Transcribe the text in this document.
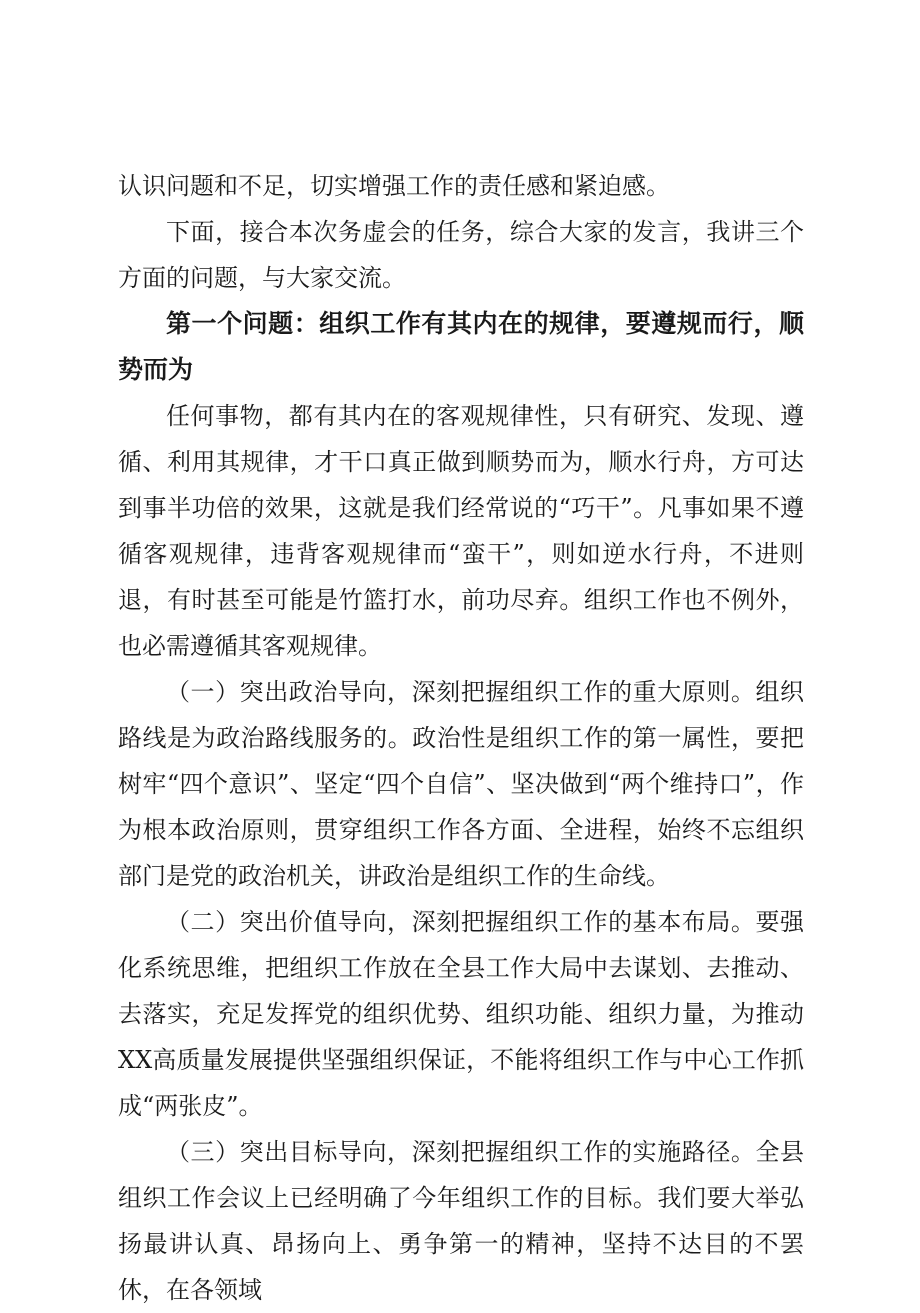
认识问题和不足，切实增强工作的责任感和紧迫感。

下面，接合本次务虚会的任务，综合大家的发言，我讲三个方面的问题，与大家交流。

第一个问题：组织工作有其内在的规律，要遵规而行，顺势而为

任何事物，都有其内在的客观规律性，只有研究、发现、遵循、利用其规律，才干口真正做到顺势而为，顺水行舟，方可达到事半功倍的效果，这就是我们经常说的“巧干”。凡事如果不遵循客观规律，违背客观规律而“蛮干”，则如逆水行舟，不进则退，有时甚至可能是竹篮打水，前功尽弃。组织工作也不例外，也必需遵循其客观规律。

（一）突出政治导向，深刻把握组织工作的重大原则。组织路线是为政治路线服务的。政治性是组织工作的第一属性，要把树牢“四个意识”、坚定“四个自信”、坚决做到“两个维持口”，作为根本政治原则，贯穿组织工作各方面、全进程，始终不忘组织部门是党的政治机关，讲政治是组织工作的生命线。

（二）突出价值导向，深刻把握组织工作的基本布局。要强化系统思维，把组织工作放在全县工作大局中去谋划、去推动、去落实，充足发挥党的组织优势、组织功能、组织力量，为推动XX高质量发展提供坚强组织保证，不能将组织工作与中心工作抓成“两张皮”。

（三）突出目标导向，深刻把握组织工作的实施路径。全县组织工作会议上已经明确了今年组织工作的目标。我们要大举弘扬最讲认真、昂扬向上、勇争第一的精神，坚持不达目的不罢休，在各领域
